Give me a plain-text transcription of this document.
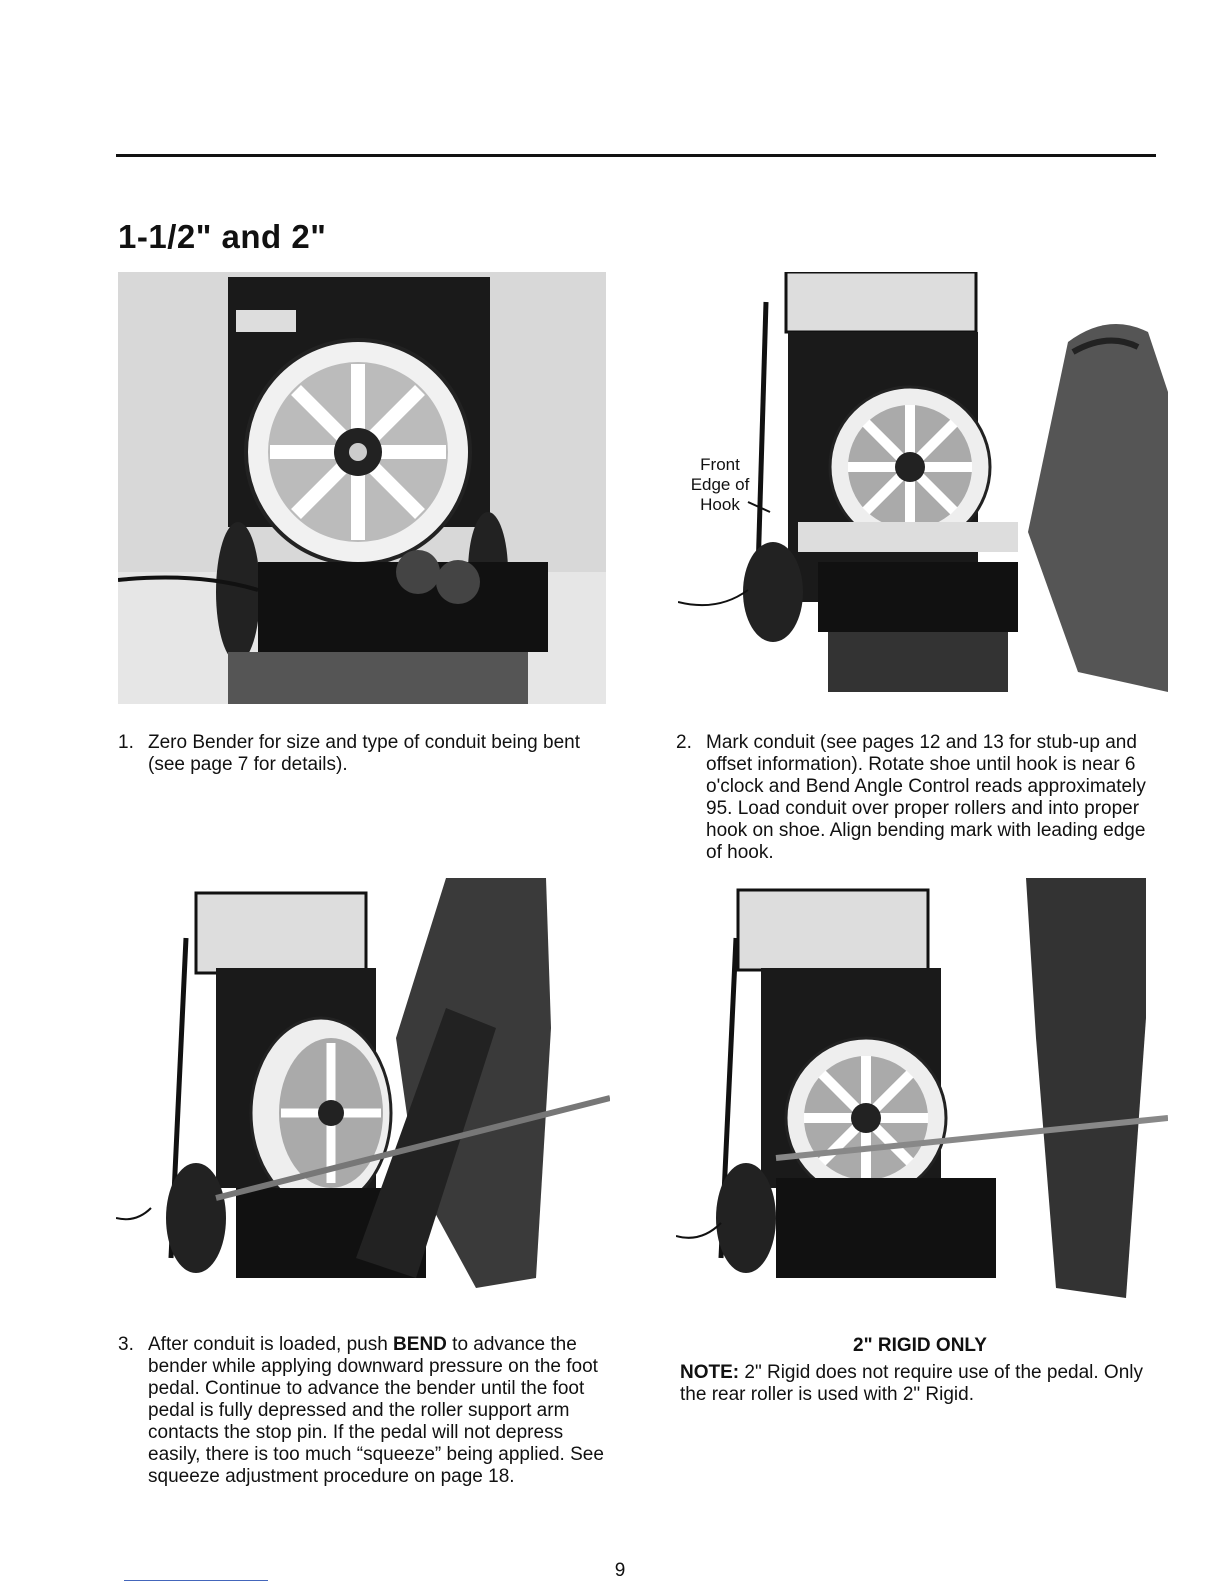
1-1/2" and 2"
Front
Edge of
Hook
1. Zero Bender for size and type of conduit being bent (see page 7 for details).
2. Mark conduit (see pages 12 and 13 for stub-up and offset information). Rotate shoe until hook is near 6 o'clock and Bend Angle Control reads approximately 95. Load conduit over proper rollers and into proper hook on shoe. Align bending mark with leading edge of hook.
3. After conduit is loaded, push BEND to advance the bender while applying downward pressure on the foot pedal. Continue to advance the bender until the foot pedal is fully depressed and the roller support arm contacts the stop pin. If the pedal will not depress easily, there is too much “squeeze” being applied. See squeeze adjustment procedure on page 18.
2" RIGID ONLY
NOTE: 2" Rigid does not require use of the pedal. Only the rear roller is used with 2" Rigid.
9
